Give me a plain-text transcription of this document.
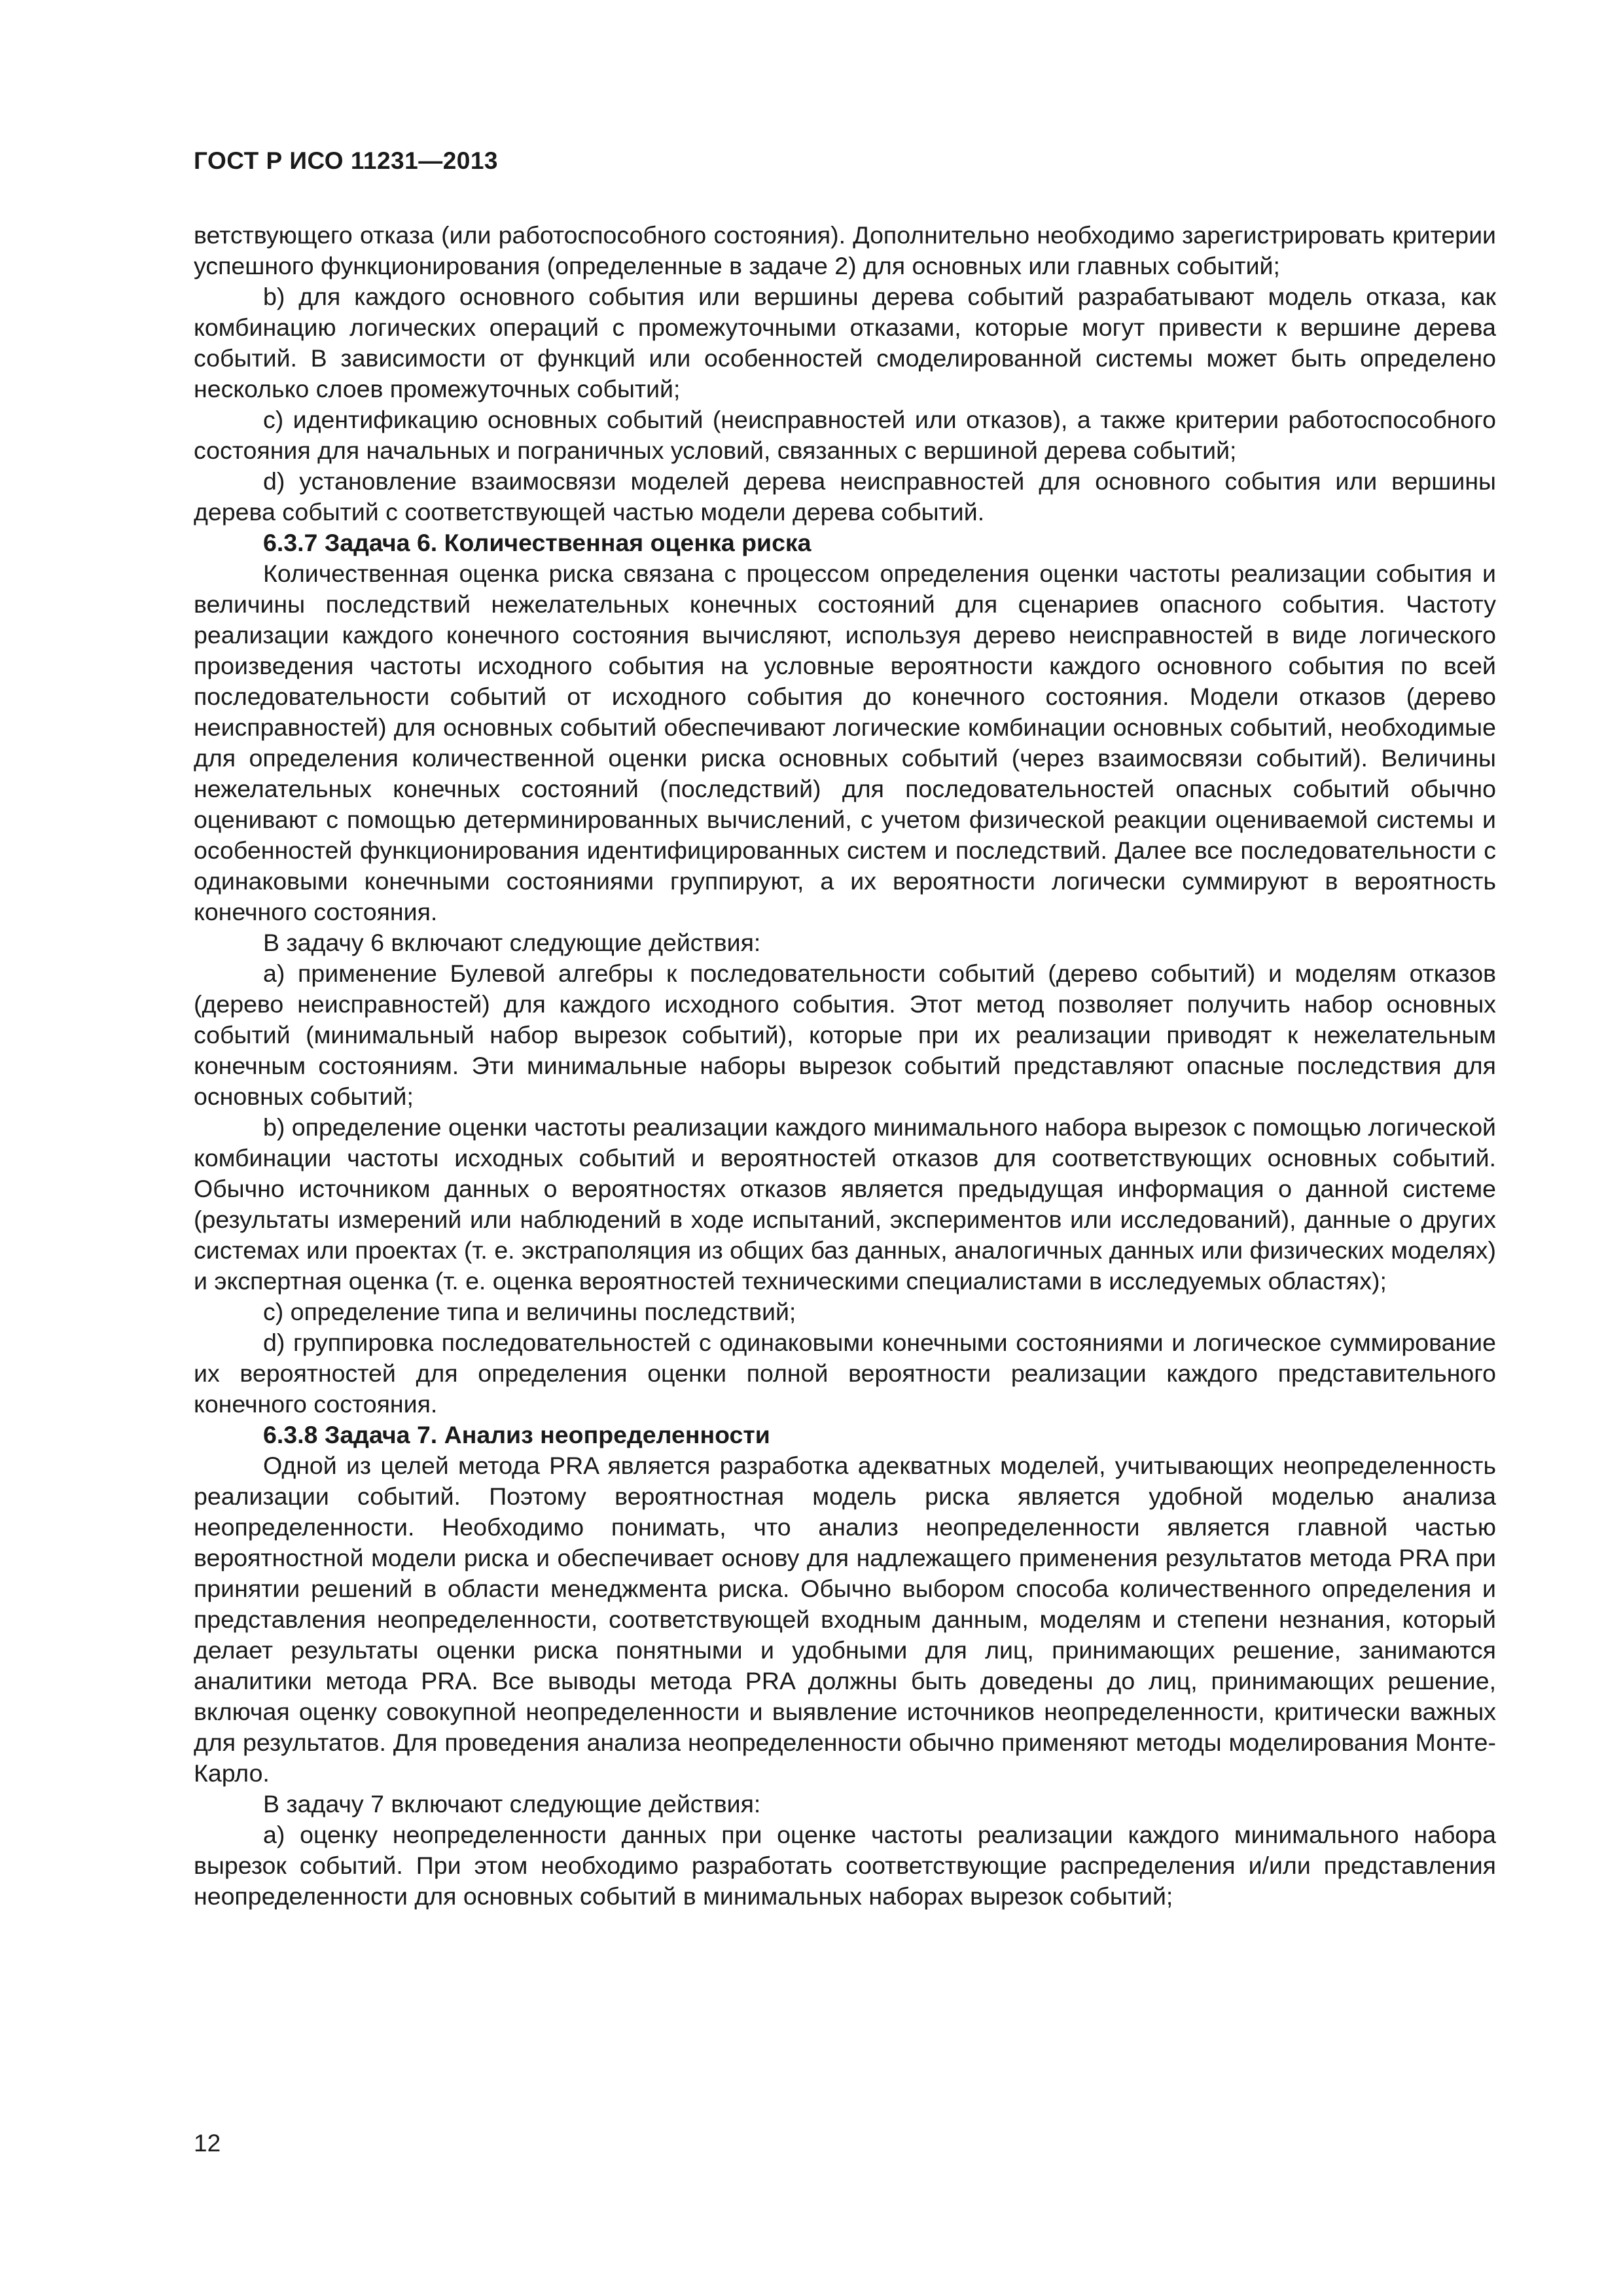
ГОСТ Р ИСО 11231—2013

ветствующего отказа (или работоспособного состояния). Дополнительно необходимо зарегистрировать критерии успешного функционирования (определенные в задаче 2) для основных или главных событий;

b) для каждого основного события или вершины дерева событий разрабатывают модель отказа, как комбинацию логических операций с промежуточными отказами, которые могут привести к вершине дерева событий. В зависимости от функций или особенностей смоделированной системы может быть определено несколько слоев промежуточных событий;

c) идентификацию основных событий (неисправностей или отказов), а также критерии работоспособного состояния для начальных и пограничных условий, связанных с вершиной дерева событий;

d) установление взаимосвязи моделей дерева неисправностей для основного события или вершины дерева событий с соответствующей частью модели дерева событий.

6.3.7 Задача 6. Количественная оценка риска

Количественная оценка риска связана с процессом определения оценки частоты реализации события и величины последствий нежелательных конечных состояний для сценариев опасного события. Частоту реализации каждого конечного состояния вычисляют, используя дерево неисправностей в виде логического произведения частоты исходного события на условные вероятности каждого основного события по всей последовательности событий от исходного события до конечного состояния. Модели отказов (дерево неисправностей) для основных событий обеспечивают логические комбинации основных событий, необходимые для определения количественной оценки риска основных событий (через взаимосвязи событий). Величины нежелательных конечных состояний (последствий) для последовательностей опасных событий обычно оценивают с помощью детерминированных вычислений, с учетом физической реакции оцениваемой системы и особенностей функционирования идентифицированных систем и последствий. Далее все последовательности с одинаковыми конечными состояниями группируют, а их вероятности логически суммируют в вероятность конечного состояния.

В задачу 6 включают следующие действия:

a) применение Булевой алгебры к последовательности событий (дерево событий) и моделям отказов (дерево неисправностей) для каждого исходного события. Этот метод позволяет получить набор основных событий (минимальный набор вырезок событий), которые при их реализации приводят к нежелательным конечным состояниям. Эти минимальные наборы вырезок событий представляют опасные последствия для основных событий;

b) определение оценки частоты реализации каждого минимального набора вырезок с помощью логической комбинации частоты исходных событий и вероятностей отказов для соответствующих основных событий. Обычно источником данных о вероятностях отказов является предыдущая информация о данной системе (результаты измерений или наблюдений в ходе испытаний, экспериментов или исследований), данные о других системах или проектах (т. е. экстраполяция из общих баз данных, аналогичных данных или физических моделях) и экспертная оценка (т. е. оценка вероятностей техническими специалистами в исследуемых областях);

c) определение типа и величины последствий;

d) группировка последовательностей с одинаковыми конечными состояниями и логическое суммирование их вероятностей для определения оценки полной вероятности реализации каждого представительного конечного состояния.

6.3.8 Задача 7. Анализ неопределенности

Одной из целей метода PRA является разработка адекватных моделей, учитывающих неопределенность реализации событий. Поэтому вероятностная модель риска является удобной моделью анализа неопределенности. Необходимо понимать, что анализ неопределенности является главной частью вероятностной модели риска и обеспечивает основу для надлежащего применения результатов метода PRA при принятии решений в области менеджмента риска. Обычно выбором способа количественного определения и представления неопределенности, соответствующей входным данным, моделям и степени незнания, который делает результаты оценки риска понятными и удобными для лиц, принимающих решение, занимаются аналитики метода PRA. Все выводы метода PRA должны быть доведены до лиц, принимающих решение, включая оценку совокупной неопределенности и выявление источников неопределенности, критически важных для результатов. Для проведения анализа неопределенности обычно применяют методы моделирования Монте-Карло.

В задачу 7 включают следующие действия:

a) оценку неопределенности данных при оценке частоты реализации каждого минимального набора вырезок событий. При этом необходимо разработать соответствующие распределения и/или представления неопределенности для основных событий в минимальных наборах вырезок событий;

12
